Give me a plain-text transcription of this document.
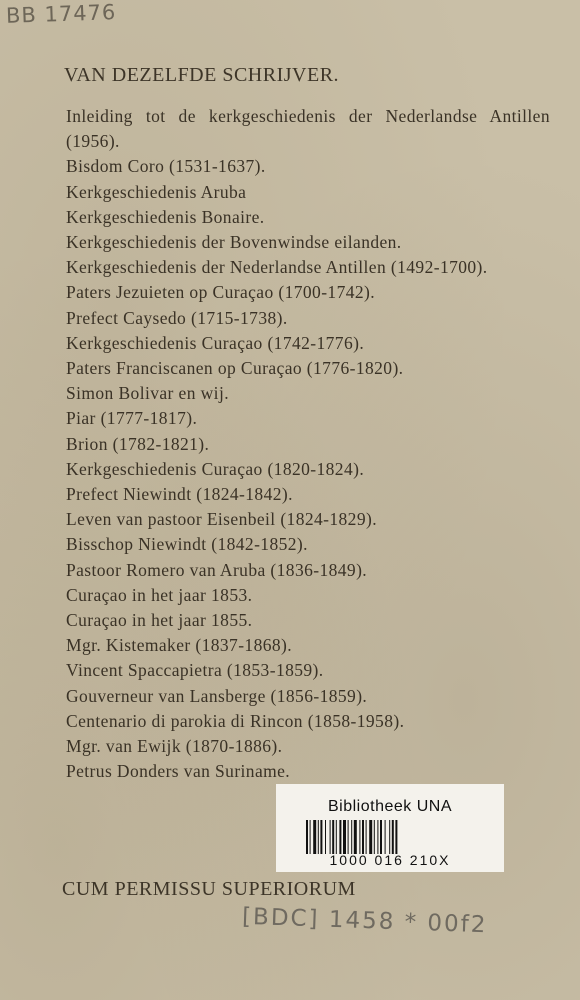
BB 17476
VAN DEZELFDE SCHRIJVER.
Inleiding tot de kerkgeschiedenis der Nederlandse Antillen (1956).
Bisdom Coro (1531-1637).
Kerkgeschiedenis Aruba
Kerkgeschiedenis Bonaire.
Kerkgeschiedenis der Bovenwindse eilanden.
Kerkgeschiedenis der Nederlandse Antillen (1492-1700).
Paters Jezuieten op Curaçao (1700-1742).
Prefect Caysedo (1715-1738).
Kerkgeschiedenis Curaçao (1742-1776).
Paters Franciscanen op Curaçao (1776-1820).
Simon Bolivar en wij.
Piar (1777-1817).
Brion (1782-1821).
Kerkgeschiedenis Curaçao (1820-1824).
Prefect Niewindt (1824-1842).
Leven van pastoor Eisenbeil (1824-1829).
Bisschop Niewindt (1842-1852).
Pastoor Romero van Aruba (1836-1849).
Curaçao in het jaar 1853.
Curaçao in het jaar 1855.
Mgr. Kistemaker (1837-1868).
Vincent Spaccapietra (1853-1859).
Gouverneur van Lansberge (1856-1859).
Centenario di parokia di Rincon (1858-1958).
Mgr. van Ewijk (1870-1886).
Petrus Donders van Suriname.
Bibliotheek UNA
1000 016 210X
CUM PERMISSU SUPERIORUM
[BDC] 1458 * 00f2
